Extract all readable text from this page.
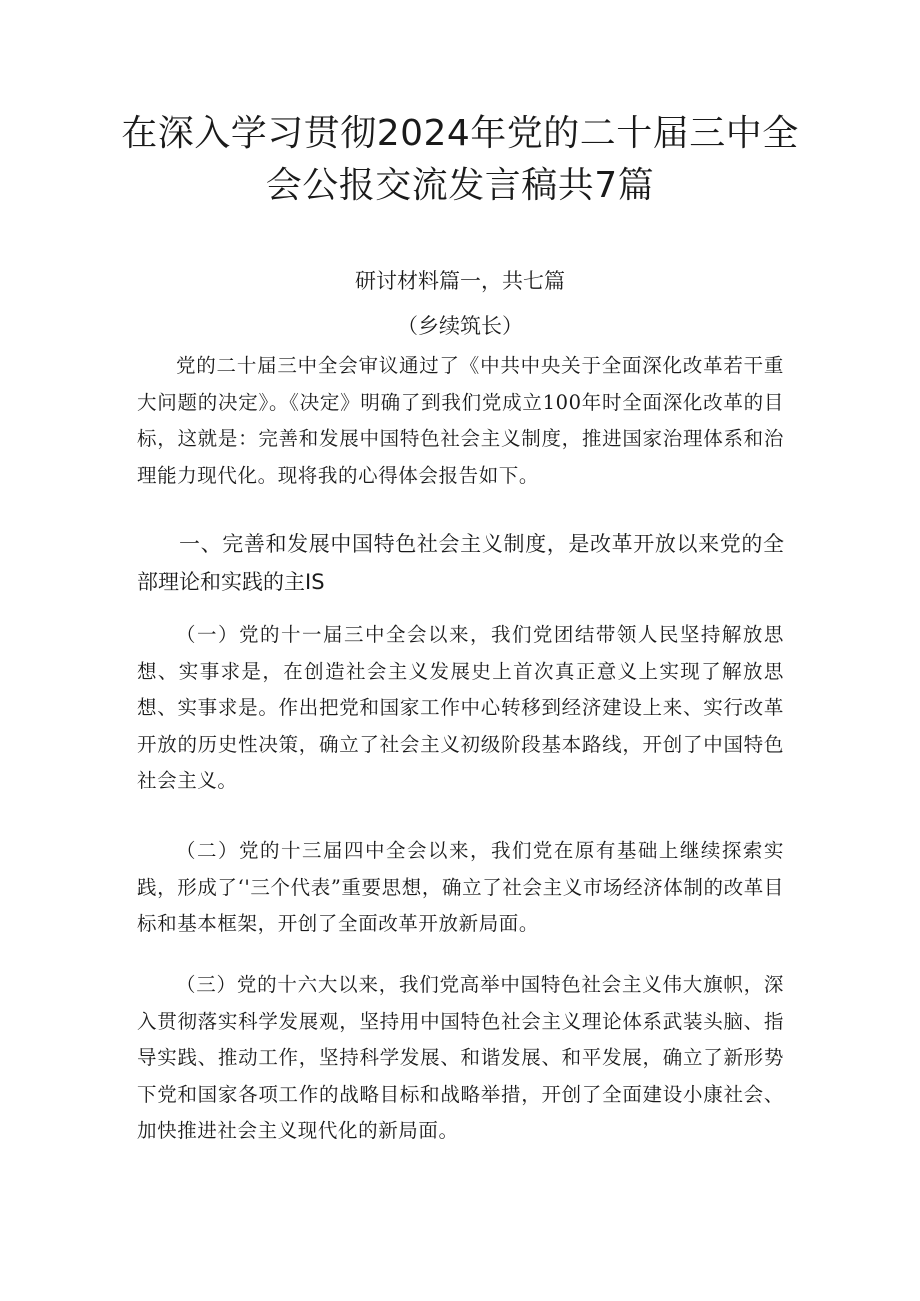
在深入学习贯彻2024年党的二十届三中全会公报交流发言稿共7篇
研讨材料篇一，共七篇
（乡续筑长）

党的二十届三中全会审议通过了《中共中央关于全面深化改革若干重大问题的决定》。《决定》明确了到我们党成立100年时全面深化改革的目标，这就是：完善和发展中国特色社会主义制度，推进国家治理体系和治理能力现代化。现将我的心得体会报告如下。

一、完善和发展中国特色社会主义制度，是改革开放以来党的全部理论和实践的主IS

（一）党的十一届三中全会以来，我们党团结带领人民坚持解放思想、实事求是，在创造社会主义发展史上首次真正意义上实现了解放思想、实事求是。作出把党和国家工作中心转移到经济建设上来、实行改革开放的历史性决策，确立了社会主义初级阶段基本路线，开创了中国特色社会主义。

（二）党的十三届四中全会以来，我们党在原有基础上继续探索实践，形成了‘'三个代表”重要思想，确立了社会主义市场经济体制的改革目标和基本框架，开创了全面改革开放新局面。

（三）党的十六大以来，我们党高举中国特色社会主义伟大旗帜，深入贯彻落实科学发展观，坚持用中国特色社会主义理论体系武装头脑、指导实践、推动工作，坚持科学发展、和谐发展、和平发展，确立了新形势下党和国家各项工作的战略目标和战略举措，开创了全面建设小康社会、加快推进社会主义现代化的新局面。
